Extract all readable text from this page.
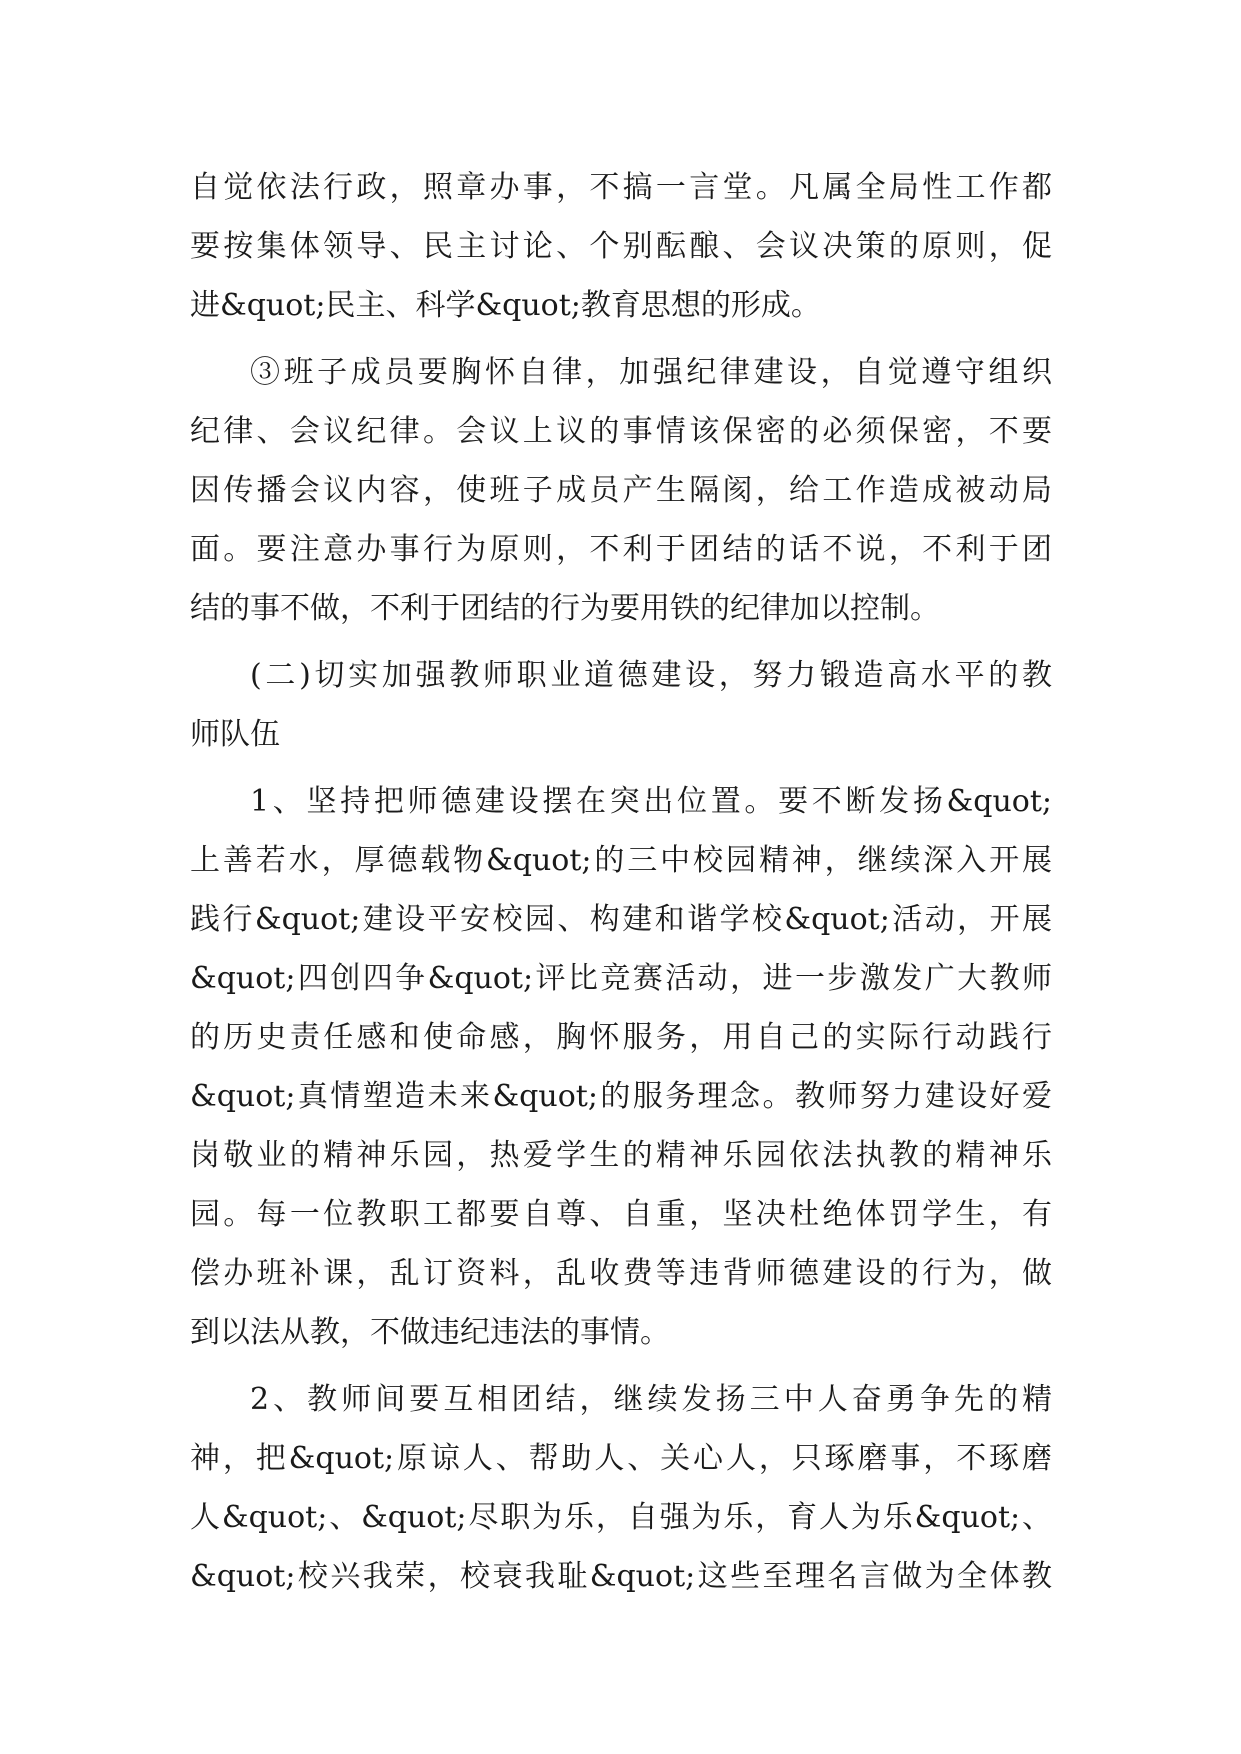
自觉依法行政，照章办事，不搞一言堂。凡属全局性工作都
要按集体领导、民主讨论、个别酝酿、会议决策的原则，促
进&quot;民主、科学&quot;教育思想的形成。
③班子成员要胸怀自律，加强纪律建设，自觉遵守组织
纪律、会议纪律。会议上议的事情该保密的必须保密，不要
因传播会议内容，使班子成员产生隔阂，给工作造成被动局
面。要注意办事行为原则，不利于团结的话不说，不利于团
结的事不做，不利于团结的行为要用铁的纪律加以控制。
(二)切实加强教师职业道德建设，努力锻造高水平的教
师队伍
1、坚持把师德建设摆在突出位置。要不断发扬&quot;
上善若水，厚德载物&quot;的三中校园精神，继续深入开展
践行&quot;建设平安校园、构建和谐学校&quot;活动，开展
&quot;四创四争&quot;评比竞赛活动，进一步激发广大教师
的历史责任感和使命感，胸怀服务，用自己的实际行动践行
&quot;真情塑造未来&quot;的服务理念。教师努力建设好爱
岗敬业的精神乐园，热爱学生的精神乐园依法执教的精神乐
园。每一位教职工都要自尊、自重，坚决杜绝体罚学生，有
偿办班补课，乱订资料，乱收费等违背师德建设的行为，做
到以法从教，不做违纪违法的事情。
2、教师间要互相团结，继续发扬三中人奋勇争先的精
神，把&quot;原谅人、帮助人、关心人，只琢磨事，不琢磨
人&quot;、&quot;尽职为乐，自强为乐，育人为乐&quot;、
&quot;校兴我荣，校衰我耻&quot;这些至理名言做为全体教
